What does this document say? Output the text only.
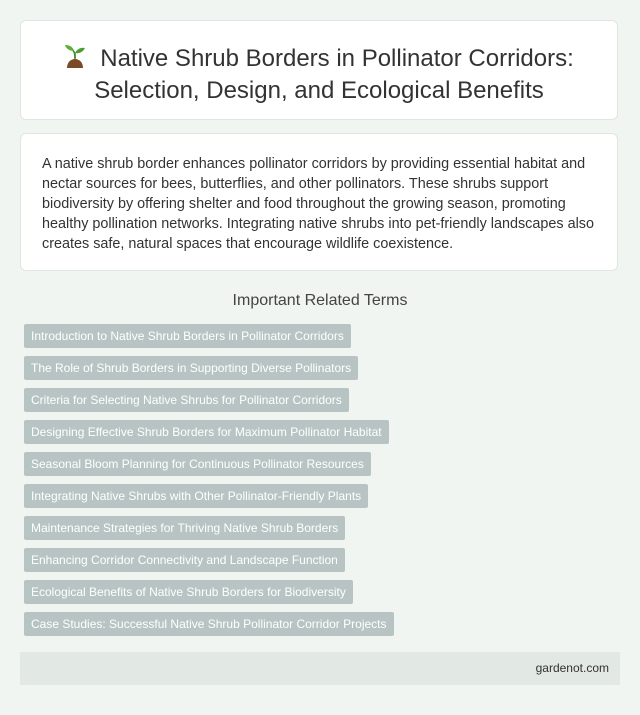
Native Shrub Borders in Pollinator Corridors: Selection, Design, and Ecological Benefits

A native shrub border enhances pollinator corridors by providing essential habitat and nectar sources for bees, butterflies, and other pollinators. These shrubs support biodiversity by offering shelter and food throughout the growing season, promoting healthy pollination networks. Integrating native shrubs into pet-friendly landscapes also creates safe, natural spaces that encourage wildlife coexistence.

Important Related Terms
Introduction to Native Shrub Borders in Pollinator Corridors
The Role of Shrub Borders in Supporting Diverse Pollinators
Criteria for Selecting Native Shrubs for Pollinator Corridors
Designing Effective Shrub Borders for Maximum Pollinator Habitat
Seasonal Bloom Planning for Continuous Pollinator Resources
Integrating Native Shrubs with Other Pollinator-Friendly Plants
Maintenance Strategies for Thriving Native Shrub Borders
Enhancing Corridor Connectivity and Landscape Function
Ecological Benefits of Native Shrub Borders for Biodiversity
Case Studies: Successful Native Shrub Pollinator Corridor Projects
gardenot.com
